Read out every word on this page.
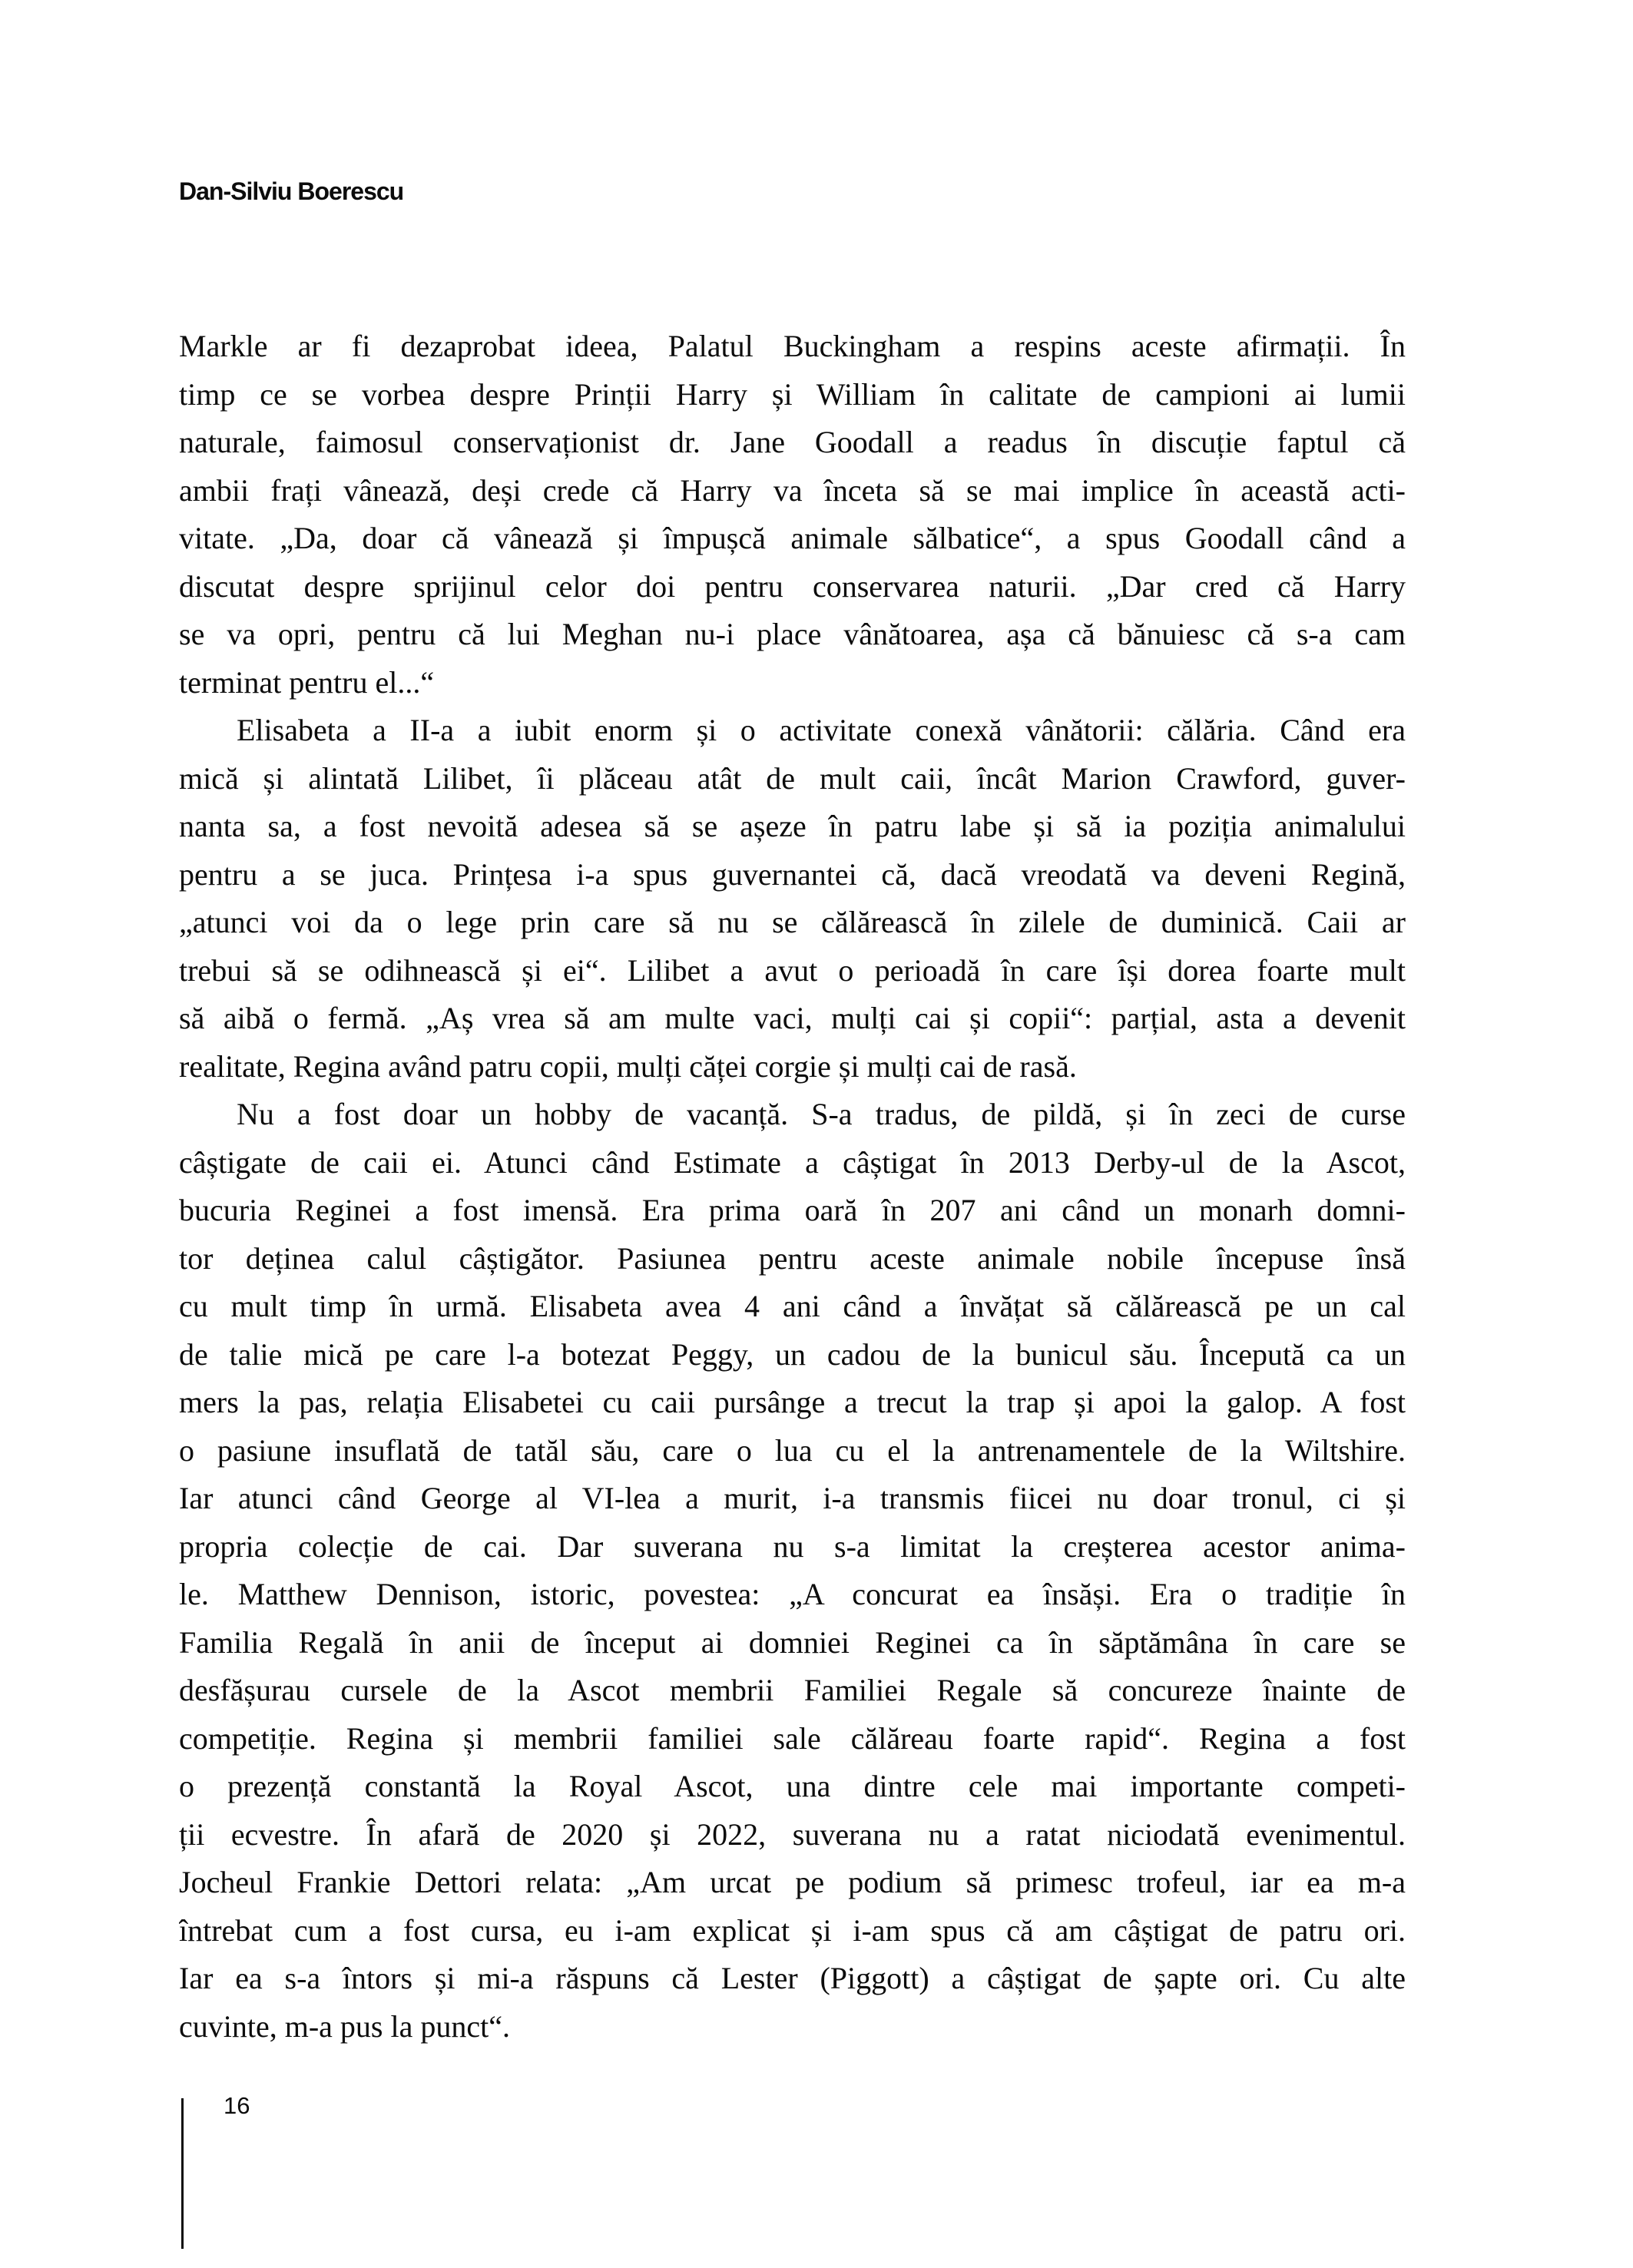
Dan-Silviu Boerescu
Markle ar fi dezaprobat ideea, Palatul Buckingham a respins aceste afirmații. În
timp ce se vorbea despre Prinții Harry și William în calitate de campioni ai lumii
naturale, faimosul conservaționist dr. Jane Goodall a readus în discuție faptul că
ambii frați vânează, deși crede că Harry va înceta să se mai implice în această acti-
vitate. „Da, doar că vânează și împușcă animale sălbatice“, a spus Goodall când a
discutat despre sprijinul celor doi pentru conservarea naturii. „Dar cred că Harry
se va opri, pentru că lui Meghan nu-i place vânătoarea, așa că bănuiesc că s-a cam
terminat pentru el...“
Elisabeta a II-a a iubit enorm și o activitate conexă vânătorii: călăria. Când era
mică și alintată Lilibet, îi plăceau atât de mult caii, încât Marion Crawford, guver-
nanta sa, a fost nevoită adesea să se așeze în patru labe și să ia poziția animalului
pentru a se juca. Prințesa i-a spus guvernantei că, dacă vreodată va deveni Regină,
„atunci voi da o lege prin care să nu se călărească în zilele de duminică. Caii ar
trebui să se odihnească și ei“. Lilibet a avut o perioadă în care își dorea foarte mult
să aibă o fermă. „Aș vrea să am multe vaci, mulți cai și copii“: parțial, asta a devenit
realitate, Regina având patru copii, mulți căței corgie și mulți cai de rasă.
Nu a fost doar un hobby de vacanță. S-a tradus, de pildă, și în zeci de curse
câștigate de caii ei. Atunci când Estimate a câștigat în 2013 Derby-ul de la Ascot,
bucuria Reginei a fost imensă. Era prima oară în 207 ani când un monarh domni-
tor deținea calul câștigător. Pasiunea pentru aceste animale nobile începuse însă
cu mult timp în urmă. Elisabeta avea 4 ani când a învățat să călărească pe un cal
de talie mică pe care l-a botezat Peggy, un cadou de la bunicul său. Începută ca un
mers la pas, relația Elisabetei cu caii pursânge a trecut la trap și apoi la galop. A fost
o pasiune insuflată de tatăl său, care o lua cu el la antrenamentele de la Wiltshire.
Iar atunci când George al VI-lea a murit, i-a transmis fiicei nu doar tronul, ci și
propria colecție de cai. Dar suverana nu s-a limitat la creșterea acestor anima-
le. Matthew Dennison, istoric, povestea: „A concurat ea însăși. Era o tradiție în
Familia Regală în anii de început ai domniei Reginei ca în săptămâna în care se
desfășurau cursele de la Ascot membrii Familiei Regale să concureze înainte de
competiție. Regina și membrii familiei sale călăreau foarte rapid“. Regina a fost
o prezență constantă la Royal Ascot, una dintre cele mai importante competi-
ții ecvestre. În afară de 2020 și 2022, suverana nu a ratat niciodată evenimentul.
Jocheul Frankie Dettori relata: „Am urcat pe podium să primesc trofeul, iar ea m-a
întrebat cum a fost cursa, eu i-am explicat și i-am spus că am câștigat de patru ori.
Iar ea s-a întors și mi-a răspuns că Lester (Piggott) a câștigat de șapte ori. Cu alte
cuvinte, m-a pus la punct“.
16
